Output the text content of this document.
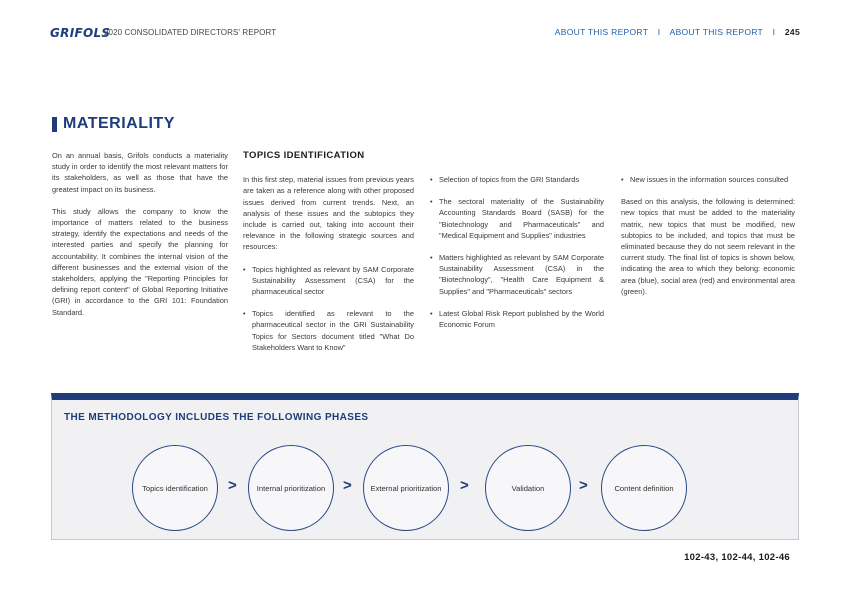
GRIFOLS
2020 CONSOLIDATED DIRECTORS' REPORT	ABOUT THIS REPORT I ABOUT THIS REPORT I 245
MATERIALITY

On an annual basis, Grifols conducts a materiality study in order to identify the most relevant matters for its stakeholders, as well as those that have the greatest impact on its business.

This study allows the company to know the importance of matters related to the business strategy, identify the expectations and needs of the interested parties and specify the planning for accountability. It combines the internal vision of the different businesses and the external vision of the stakeholders, applying the "Reporting Principles for defining report content" of Global Reporting Initiative (GRI) in accordance to the GRI 101: Foundation Standard.

TOPICS IDENTIFICATION

In this first step, material issues from previous years are taken as a reference along with other proposed issues derived from current trends. Next, an analysis of these issues and the subtopics they include is carried out, taking into account their relevance in the following strategic sources and resources:

• Topics highlighted as relevant by SAM Corporate Sustainability Assessment (CSA) for the pharmaceutical sector
• Topics identified as relevant to the pharmaceutical sector in the GRI Sustainability Topics for Sectors document titled "What Do Stakeholders Want to Know"
• Selection of topics from the GRI Standards
• The sectoral materiality of the Sustainability Accounting Standards Board (SASB) for the "Biotechnology and Pharmaceuticals" and "Medical Equipment and Supplies" industries
• Matters highlighted as relevant by SAM Corporate Sustainability Assessment (CSA) in the "Biotechnology", "Health Care Equipment & Supplies" and "Pharmaceuticals" sectors
• Latest Global Risk Report published by the World Economic Forum
• New issues in the information sources consulted

Based on this analysis, the following is determined: new topics that must be added to the materiality matrix, new topics that must be modified, new subtopics to be included, and topics that must be eliminated because they do not seem relevant in the current study. The final list of topics is shown below, indicating the area to which they belong: economic area (blue), social area (red) and environmental area (green).

THE METHODOLOGY INCLUDES THE FOLLOWING PHASES
Topics identification >	Internal prioritization > External prioritization >	Validation >	Content definition
102-43, 102-44, 102-46
